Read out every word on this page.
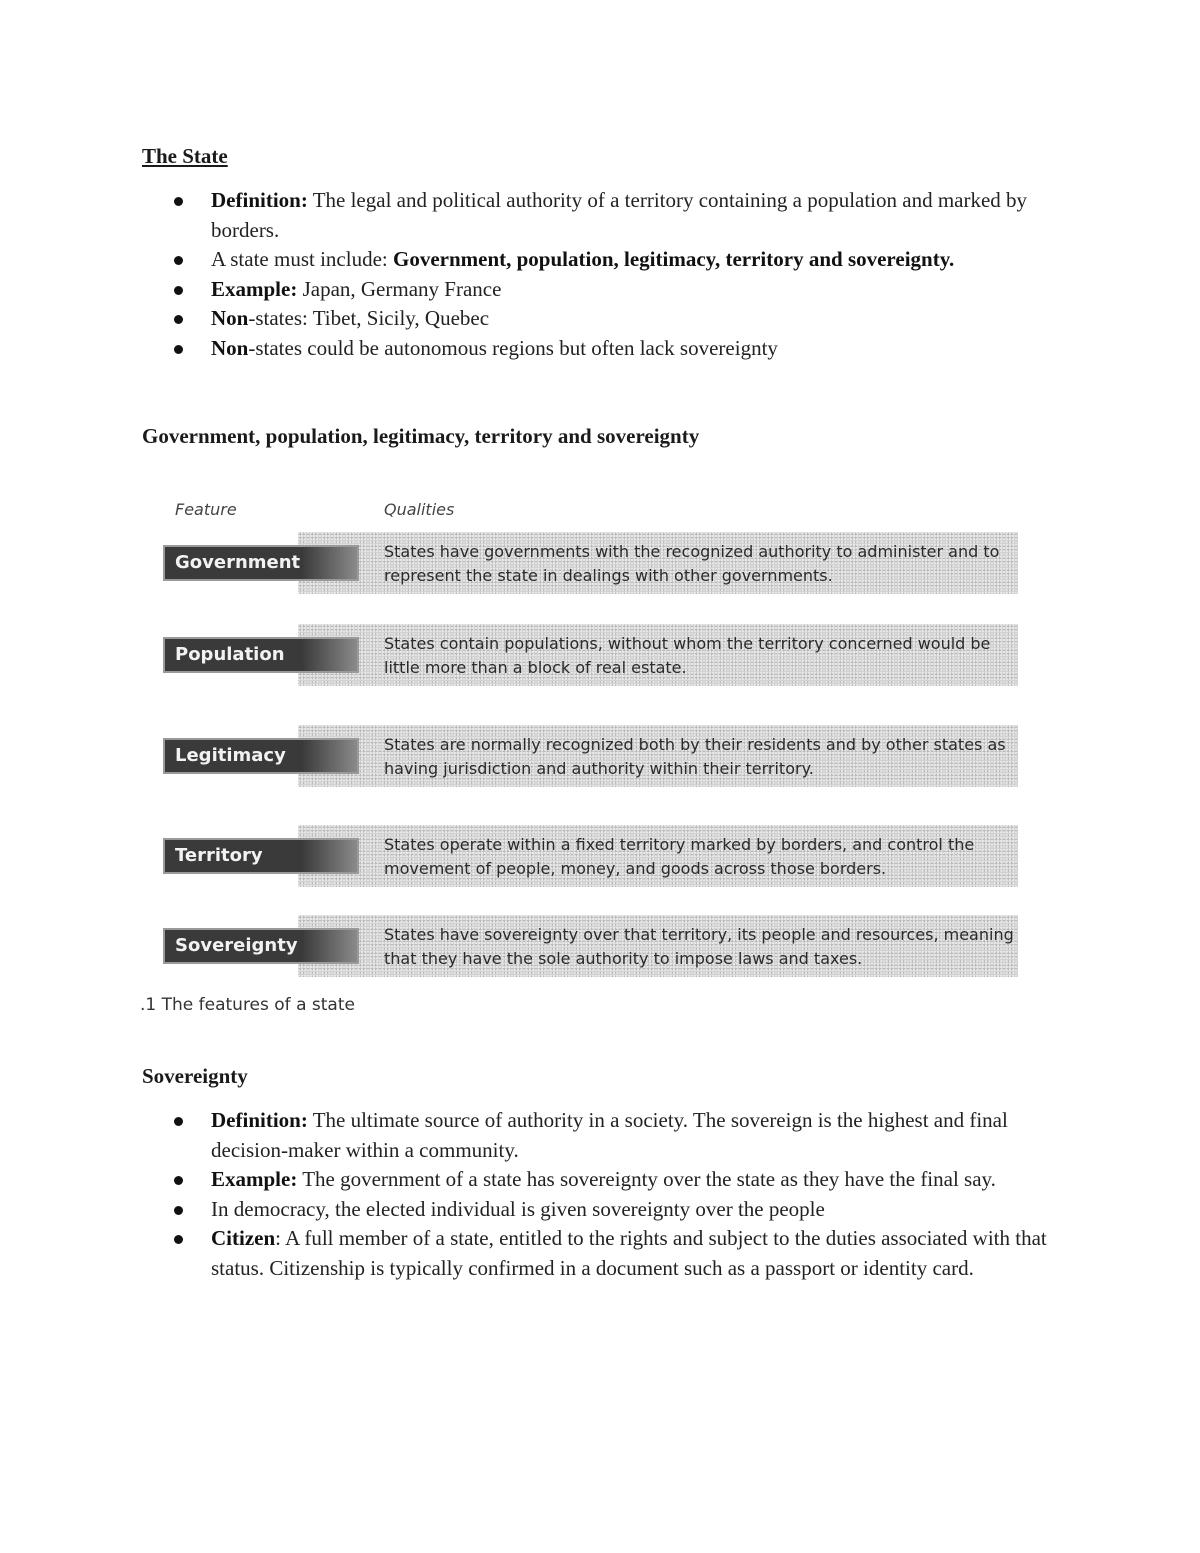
The State
Definition: The legal and political authority of a territory containing a population and marked by borders.
A state must include: Government, population, legitimacy, territory and sovereignty.
Example: Japan, Germany France
Non-states: Tibet, Sicily, Quebec
Non-states could be autonomous regions but often lack sovereignty
Government, population, legitimacy, territory and sovereignty
Feature	Qualities
Government
States have governments with the recognized authority to administer and to represent the state in dealings with other governments.
Population
States contain populations, without whom the territory concerned would be little more than a block of real estate.
Legitimacy
States are normally recognized both by their residents and by other states as having jurisdiction and authority within their territory.
Territory
States operate within a fixed territory marked by borders, and control the movement of people, money, and goods across those borders.
Sovereignty
States have sovereignty over that territory, its people and resources, meaning that they have the sole authority to impose laws and taxes.
.1 The features of a state
Sovereignty
Definition: The ultimate source of authority in a society. The sovereign is the highest and final decision-maker within a community.
Example: The government of a state has sovereignty over the state as they have the final say.
In democracy, the elected individual is given sovereignty over the people
Citizen: A full member of a state, entitled to the rights and subject to the duties associated with that status. Citizenship is typically confirmed in a document such as a passport or identity card.
